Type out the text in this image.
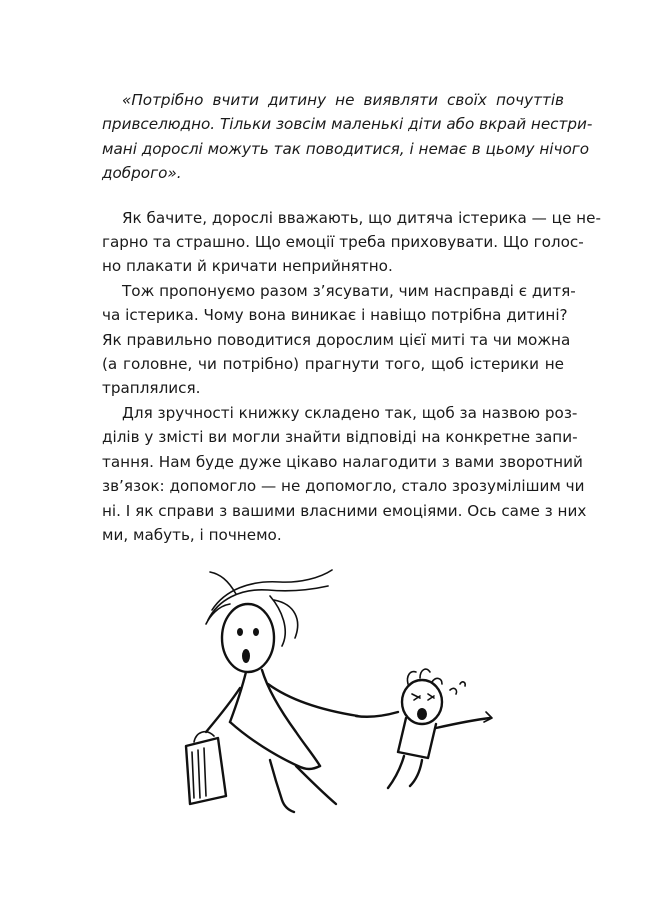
«Потрібно вчити дитину не виявляти своїх почуттів
привселюдно. Тільки зовсім маленькі діти або вкрай нестри-
мані дорослі можуть так поводитися, і немає в цьому нічого
доброго».
Як бачите, дорослі вважають, що дитяча істерика — це не-
гарно та страшно. Що емоції треба приховувати. Що голос-
но плакати й кричати неприйнятно.
Тож пропонуємо разом з’ясувати, чим насправді є дитя-
ча істерика. Чому вона виникає і навіщо потрібна дитині?
Як правильно поводитися дорослим цієї миті та чи можна
(а головне, чи потрібно) прагнути того, щоб істерики не
траплялися.
Для зручності книжку складено так, щоб за назвою роз-
ділів у змісті ви могли знайти відповіді на конкретне запи-
тання. Нам буде дуже цікаво налагодити з вами зворотний
зв’язок: допомогло — не допомогло, стало зрозумілішим чи
ні. І як справи з вашими власними емоціями. Ось саме з них
ми, мабуть, і почнемо.
